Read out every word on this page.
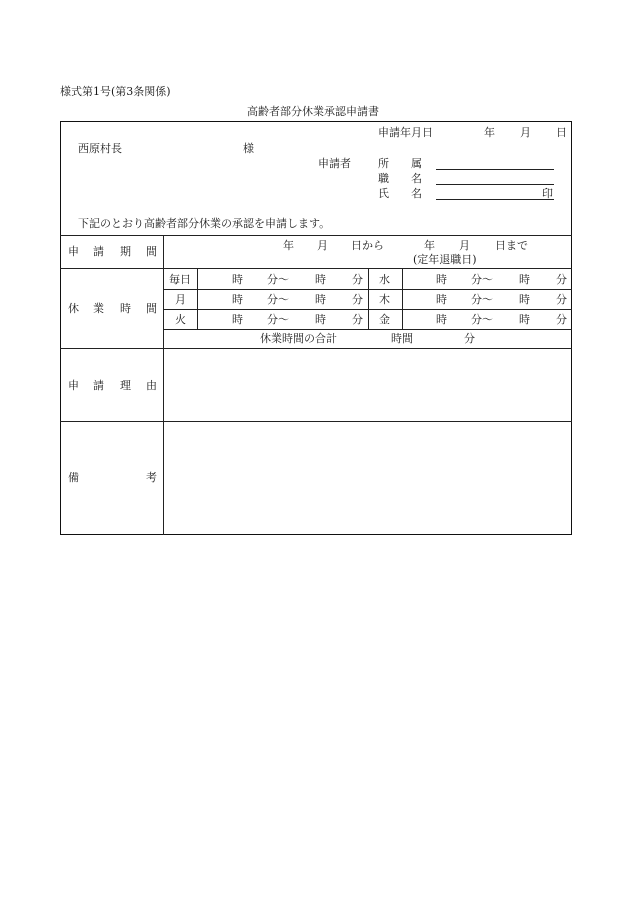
様式第1号(第3条関係)
高齢者部分休業承認申請書
申請年月日	年 月 日
西原村長	様
申請者 所 属
職 名
氏 名	印
下記のとおり高齢者部分休業の承認を申請します。
申 請 期 間	年 月 日から	年 月 日まで
(定年退職日)
休 業 時 間
毎日	時 分〜 時 分 水	時 分〜 時 分
月	時 分〜 時 分 木	時 分〜 時 分
火	時 分〜 時 分 金	時 分〜 時 分
休業時間の合計	時間	分
申 請 理 由
備	考
